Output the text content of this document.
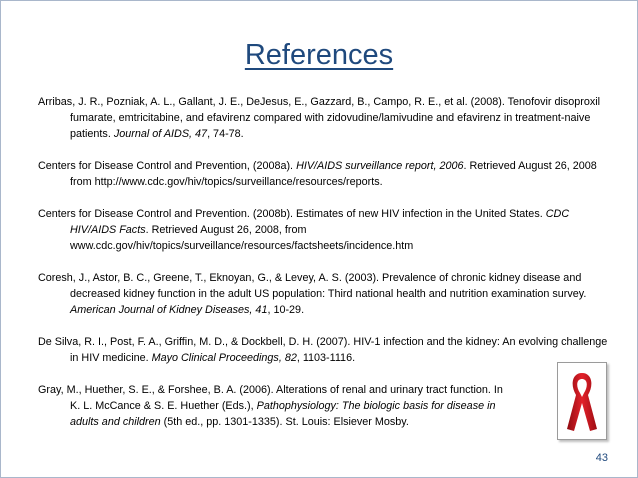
References

Arribas, J. R., Pozniak, A. L., Gallant, J. E., DeJesus, E., Gazzard, B., Campo, R. E., et al. (2008). Tenofovir disoproxil fumarate, emtricitabine, and efavirenz compared with zidovudine/lamivudine and efavirenz in treatment-naive patients. Journal of AIDS, 47, 74-78.

Centers for Disease Control and Prevention, (2008a). HIV/AIDS surveillance report, 2006. Retrieved August 26, 2008 from http://www.cdc.gov/hiv/topics/surveillance/resources/reports.

Centers for Disease Control and Prevention. (2008b). Estimates of new HIV infection in the United States. CDC HIV/AIDS Facts. Retrieved August 26, 2008, from www.cdc.gov/hiv/topics/surveillance/resources/factsheets/incidence.htm

Coresh, J., Astor, B. C., Greene, T., Eknoyan, G., & Levey, A. S. (2003). Prevalence of chronic kidney disease and decreased kidney function in the adult US population: Third national health and nutrition examination survey. American Journal of Kidney Diseases, 41, 10-29.

De Silva, R. I., Post, F. A., Griffin, M. D., & Dockbell, D. H. (2007). HIV-1 infection and the kidney: An evolving challenge in HIV medicine. Mayo Clinical Proceedings, 82, 1103-1116.

Gray, M., Huether, S. E., & Forshee, B. A. (2006). Alterations of renal and urinary tract function. In K. L. McCance & S. E. Huether (Eds.), Pathophysiology: The biologic basis for disease in adults and children (5th ed., pp. 1301-1335). St. Louis: Elsiever Mosby.

43
